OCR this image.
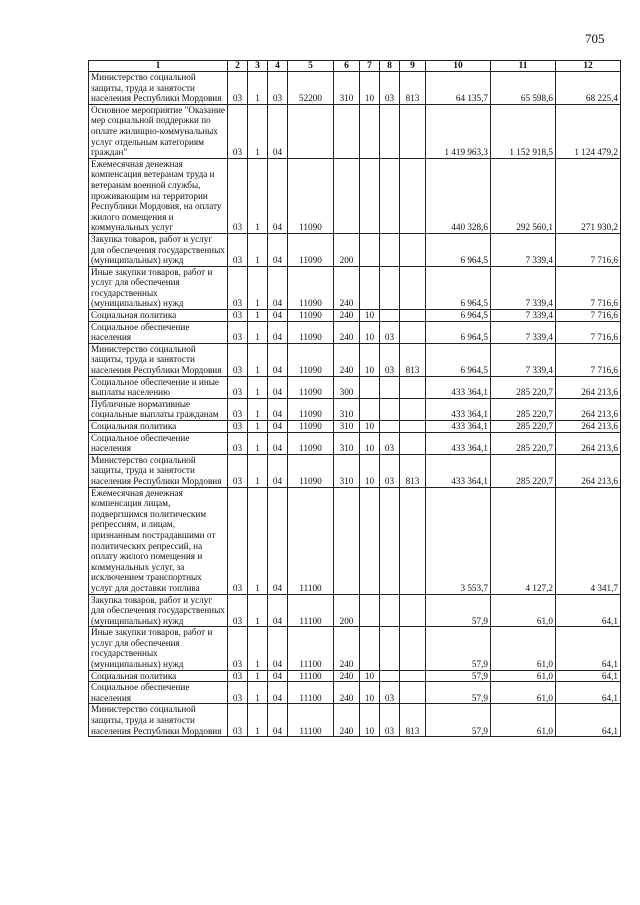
705
1	2	3	4	5	6	7	8	9	10	11	12
Министерство социальной защиты, труда и занятости населения Республики Мордовия	03	1	03	52200	310	10	03	813	64 135,7	65 598,6	68 225,4
Основное мероприятие "Оказание мер социальной поддержки по оплате жилищно-коммунальных услуг отдельным категориям граждан"	03	1	04						1 419 963,3	1 152 918,5	1 124 479,2
Ежемесячная денежная компенсация ветеранам труда и ветеранам военной службы, проживающим на территории Республики Мордовия, на оплату жилого помещения и коммунальных услуг	03	1	04	11090					440 328,6	292 560,1	271 930,2
Закупка товаров, работ и услуг для обеспечения государственных (муниципальных) нужд	03	1	04	11090	200				6 964,5	7 339,4	7 716,6
Иные закупки товаров, работ и услуг для обеспечения государственных (муниципальных) нужд	03	1	04	11090	240				6 964,5	7 339,4	7 716,6
Социальная политика	03	1	04	11090	240	10			6 964,5	7 339,4	7 716,6
Социальное обеспечение населения	03	1	04	11090	240	10	03		6 964,5	7 339,4	7 716,6
Министерство социальной защиты, труда и занятости населения Республики Мордовия	03	1	04	11090	240	10	03	813	6 964,5	7 339,4	7 716,6
Социальное обеспечение и иные выплаты населению	03	1	04	11090	300				433 364,1	285 220,7	264 213,6
Публичные нормативные социальные выплаты гражданам	03	1	04	11090	310				433 364,1	285 220,7	264 213,6
Социальная политика	03	1	04	11090	310	10			433 364,1	285 220,7	264 213,6
Социальное обеспечение населения	03	1	04	11090	310	10	03		433 364,1	285 220,7	264 213,6
Министерство социальной защиты, труда и занятости населения Республики Мордовия	03	1	04	11090	310	10	03	813	433 364,1	285 220,7	264 213,6
Ежемесячная денежная компенсация лицам, подвергшимся политическим репрессиям, и лицам, признанным пострадавшими от политических репрессий, на оплату жилого помещения и коммунальных услуг, за исключением транспортных услуг для доставки топлива	03	1	04	11100					3 553,7	4 127,2	4 341,7
Закупка товаров, работ и услуг для обеспечения государственных (муниципальных) нужд	03	1	04	11100	200				57,9	61,0	64,1
Иные закупки товаров, работ и услуг для обеспечения государственных (муниципальных) нужд	03	1	04	11100	240				57,9	61,0	64,1
Социальная политика	03	1	04	11100	240	10			57,9	61,0	64,1
Социальное обеспечение населения	03	1	04	11100	240	10	03		57,9	61,0	64,1
Министерство социальной защиты, труда и занятости населения Республики Мордовия	03	1	04	11100	240	10	03	813	57,9	61,0	64,1
